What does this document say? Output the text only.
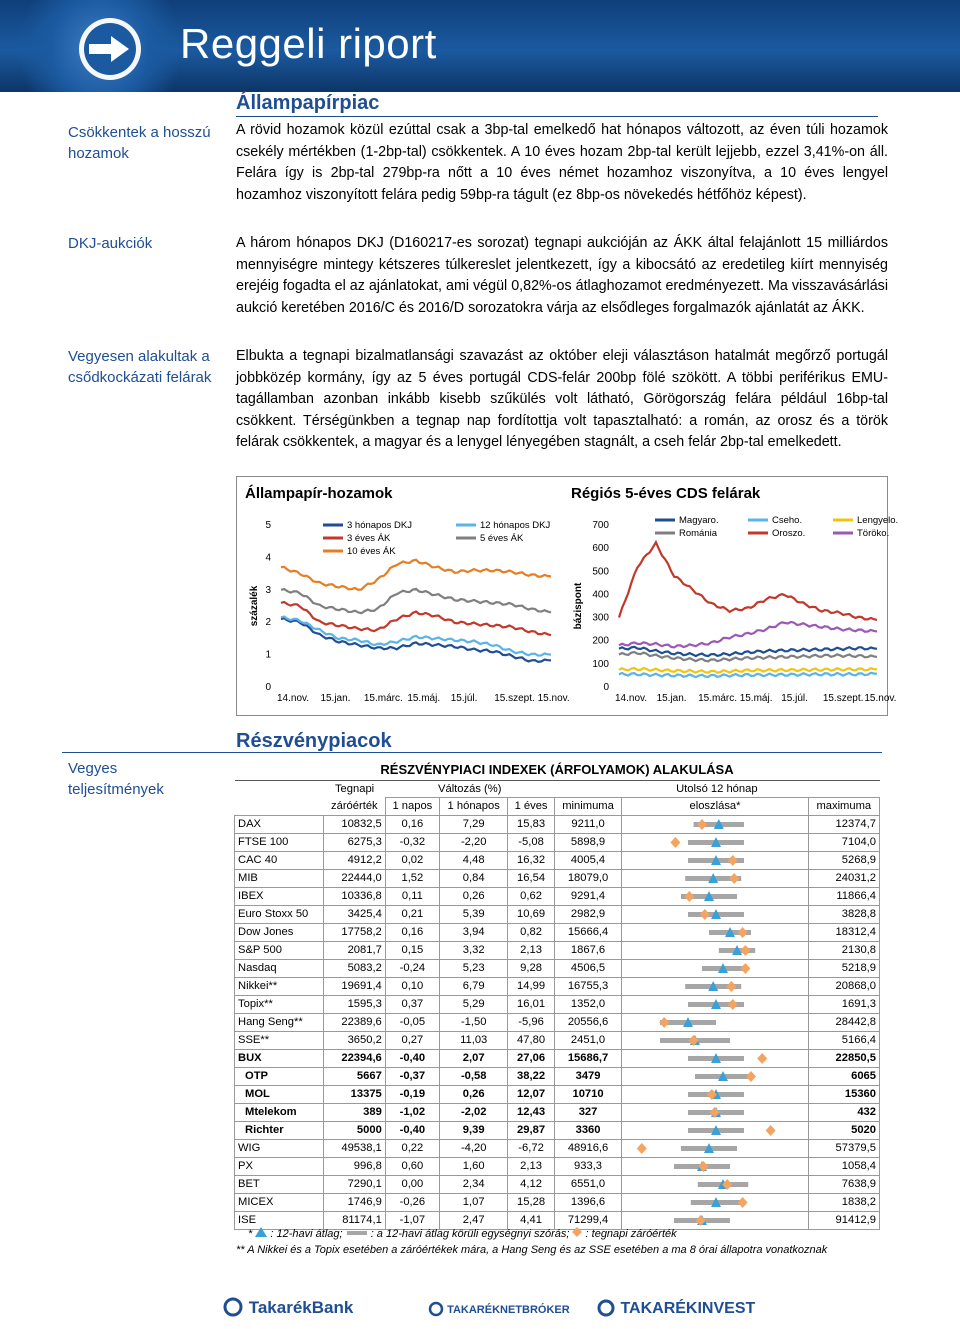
Reggeli riport
Állampapírpiac
Csökkentek a hosszú hozamok
DKJ-aukciók
Vegyesen alakultak a csődkockázati felárak
A rövid hozamok közül ezúttal csak a 3bp-tal emelkedő hat hónapos változott, az éven túli hozamok csekély mértékben (1-2bp-tal) csökkentek. A 10 éves hozam 2bp-tal került lejjebb, ezzel 3,41%-on áll. Felára így is 2bp-tal 279bp-ra nőtt a 10 éves német hozamhoz viszonyítva, a 10 éves lengyel hozamhoz viszonyított felára pedig 59bp-ra tágult (ez 8bp-os növekedés hétfőhöz képest).
A három hónapos DKJ (D160217-es sorozat) tegnapi aukcióján az ÁKK által felajánlott 15 milliárdos mennyiségre mintegy kétszeres túlkereslet jelentkezett, így a kibocsátó az eredetileg kiírt mennyiség erejéig fogadta el az ajánlatokat, ami végül 0,82%-os átlaghozamot eredményezett. Ma visszavásárlási aukció keretében 2016/C és 2016/D sorozatokra várja az elsődleges forgalmazók ajánlatát az ÁKK.
Elbukta a tegnapi bizalmatlansági szavazást az október eleji választáson hatalmát megőrző portugál jobbközép kormány, így az 5 éves portugál CDS-felár 200bp fölé szökött. A többi periférikus EMU-tagállamban azonban inkább kisebb szűkülés volt látható, Görögország felára például 16bp-tal csökkent. Térségünkben a tegnap nap fordítottja volt tapasztalható: a román, az orosz és a török felárak csökkentek, a magyar és a lenygel lényegében stagnált, a cseh felár 2bp-tal emelkedett.
Állampapír-hozamok	Régiós 5-éves CDS felárak
0
1
2
3
4
5
százalék
14.nov. 15.jan. 15.márc. 15.máj. 15.júl. 15.szept. 15.nov.
3 hónapos DKJ	12 hónapos DKJ
3 éves ÁK	5 éves ÁK
10 éves ÁK
0
100
200
300
400
500
600
700
bázispont
14.nov. 15.jan. 15.márc. 15.máj. 15.júl. 15.szept. 15.nov.
Magyaro.	Cseho.	Lengyelo.
Románia	Oroszo.	Töröko.
Részvénypiacok
Vegyes teljesítmények
RÉSZVÉNYPIACI INDEXEK (ÁRFOLYAMOK) ALAKULÁSA							
	Tegnapi	Változás (%)			Utolsó 12 hónap		
	záróérték	1 napos	1 hónapos	1 éves	minimuma	eloszlása*	maximuma
DAX	10832,5	0,16	7,29	15,83	9211,0		12374,7
FTSE 100	6275,3	-0,32	-2,20	-5,08	5898,9		7104,0
CAC 40	4912,2	0,02	4,48	16,32	4005,4		5268,9
MIB	22444,0	1,52	0,84	16,54	18079,0		24031,2
IBEX	10336,8	0,11	0,26	0,62	9291,4		11866,4
Euro Stoxx 50	3425,4	0,21	5,39	10,69	2982,9		3828,8
Dow Jones	17758,2	0,16	3,94	0,82	15666,4		18312,4
S&P 500	2081,7	0,15	3,32	2,13	1867,6		2130,8
Nasdaq	5083,2	-0,24	5,23	9,28	4506,5		5218,9
Nikkei**	19691,4	0,10	6,79	14,99	16755,3		20868,0
Topix**	1595,3	0,37	5,29	16,01	1352,0		1691,3
Hang Seng**	22389,6	-0,05	-1,50	-5,96	20556,6		28442,8
SSE**	3650,2	0,27	11,03	47,80	2451,0		5166,4
BUX	22394,6	-0,40	2,07	27,06	15686,7		22850,5
OTP	5667	-0,37	-0,58	38,22	3479		6065
MOL	13375	-0,19	0,26	12,07	10710		15360
Mtelekom	389	-1,02	-2,02	12,43	327		432
Richter	5000	-0,40	9,39	29,87	3360		5020
WIG	49538,1	0,22	-4,20	-6,72	48916,6		57379,5
PX	996,8	0,60	1,60	2,13	933,3		1058,4
BET	7290,1	0,00	2,34	4,12	6551,0		7638,9
MICEX	1746,9	-0,26	1,07	15,28	1396,6		1838,2
ISE	81174,1	-1,07	2,47	4,41	71299,4		91412,9
*  : 12-havi átlag;	: a 12-havi átlag körüli egységnyi szórás; : tegnapi záróérték
** A Nikkei és a Topix esetében a záróértékek mára, a Hang Seng és az SSE esetében a ma 8 órai állapotra vonatkoznak
TakarékBank	TAKARÉKNETBRÓKER	TAKARÉKINVEST
